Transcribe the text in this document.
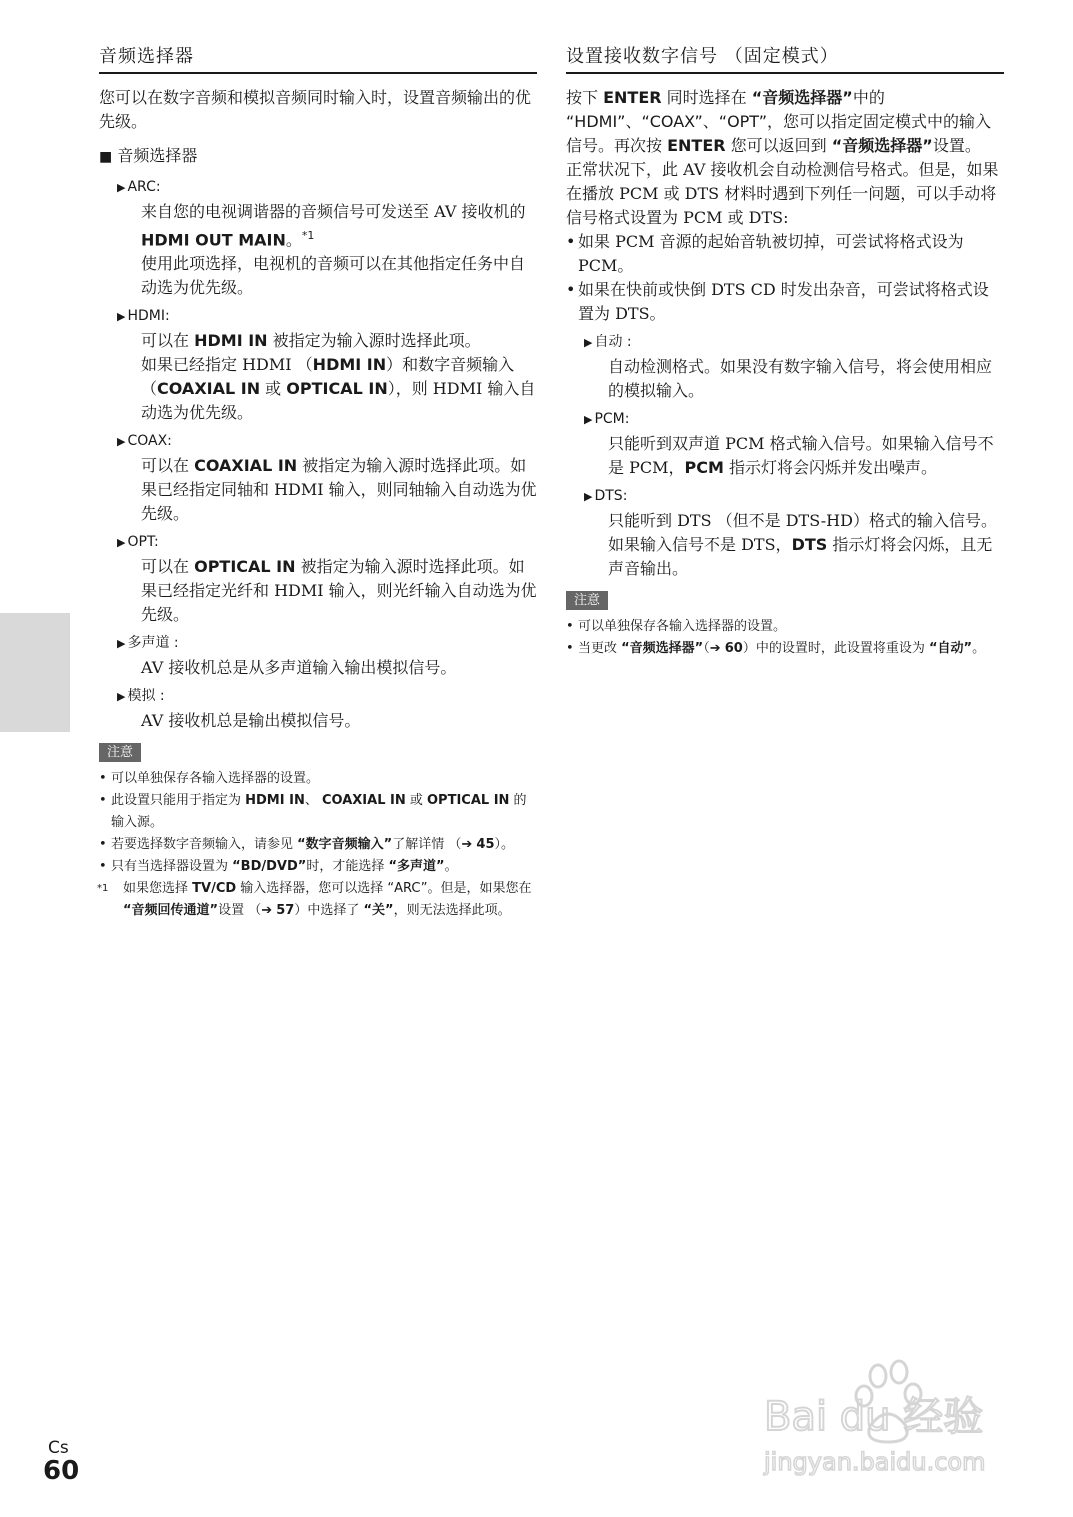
音频选择器

您可以在数字音频和模拟音频同时输入时，设置音频输出的优先级。

■ 音频选择器
▶ ARC:

来自您的电视调谐器的音频信号可发送至 AV 接收机的 HDMI OUT MAIN。$^{*1}$

使用此项选择，电视机的音频可以在其他指定任务中自动选为优先级。

▶ HDMI:

可以在 HDMI IN 被指定为输入源时选择此项。

如果已经指定 HDMI （HDMI IN）和数字音频输入 （COAXIAL IN 或 OPTICAL IN），则 HDMI 输入自动选为优先级。

▶ COAX:

可以在 COAXIAL IN 被指定为输入源时选择此项。如果已经指定同轴和 HDMI 输入，则同轴输入自动选为优先级。

▶ OPT:

可以在 OPTICAL IN 被指定为输入源时选择此项。如果已经指定光纤和 HDMI 输入，则光纤输入自动选为优先级。

▶ 多声道 :

AV 接收机总是从多声道输入输出模拟信号。

▶ 模拟 :

AV 接收机总是输出模拟信号。

注意
• 可以单独保存各输入选择器的设置。
• 此设置只能用于指定为 HDMI IN、 COAXIAL IN 或 OPTICAL IN 的输入源。
• 若要选择数字音频输入，请参见 “数字音频输入”了解详情 （➔ 45）。
• 只有当选择器设置为 “BD/DVD”时，才能选择 “多声道”。
*1 如果您选择 TV/CD 输入选择器，您可以选择 “ARC”。但是，如果您在 “音频回传通道”设置 （➔ 57）中选择了 “关”，则无法选择此项。
设置接收数字信号 （固定模式）

按下 ENTER 同时选择在 “音频选择器”中的 “HDMI”、“COAX”、“OPT”，您可以指定固定模式中的输入信号。再次按 ENTER 您可以返回到 “音频选择器”设置。

正常状况下，此 AV 接收机会自动检测信号格式。但是，如果在播放 PCM 或 DTS 材料时遇到下列任一问题，可以手动将信号格式设置为 PCM 或 DTS:

• 如果 PCM 音源的起始音轨被切掉，可尝试将格式设为 PCM。
• 如果在快前或快倒 DTS CD 时发出杂音，可尝试将格式设置为 DTS。
▶ 自动 :

自动检测格式。如果没有数字输入信号，将会使用相应的模拟输入。

▶ PCM:

只能听到双声道 PCM 格式输入信号。如果输入信号不是 PCM，PCM 指示灯将会闪烁并发出噪声。

▶ DTS:

只能听到 DTS （但不是 DTS-HD）格式的输入信号。如果输入信号不是 DTS，DTS 指示灯将会闪烁，且无声音输出。

注意
• 可以单独保存各输入选择器的设置。
• 当更改 “音频选择器”（➔ 60）中的设置时，此设置将重设为 “自动”。
Cs
60
Bai du 经验
jingyan.baidu.com
